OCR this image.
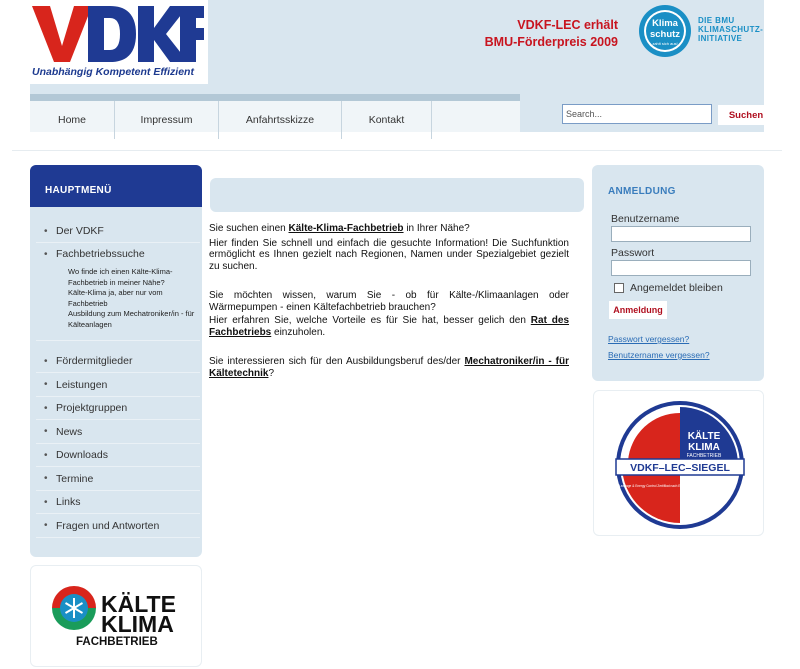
Unabhängig Kompetent Effizient
VDKF-LEC erhält
BMU-Förderpreis 2009
Klima
schutz
zahlt sich aus!
DIE BMU
KLIMASCHUTZ-
INITIATIVE
Home	Impressum	Anfahrtsskizze	Kontakt
Search...	Suchen
HAUPTMENÜ
• Der VDKF
• Fachbetriebssuche
Wo finde ich einen Kälte-Klima-Fachbetrieb in meiner Nähe?
Kälte-Klima ja, aber nur vom Fachbetrieb
Ausbildung zum Mechatroniker/in - für Kälteanlagen
• Fördermitglieder
• Leistungen
• Projektgruppen
• News
• Downloads
• Termine
• Links
• Fragen und Antworten
KÄLTE
KLIMA
FACHBETRIEB

Sie suchen einen Kälte-Klima-Fachbetrieb in Ihrer Nähe?

Hier finden Sie schnell und einfach die gesuchte Information! Die Suchfunktion ermöglicht es Ihnen gezielt nach Regionen, Namen under Spezialgebiet gezielt zu suchen.

Sie möchten wissen, warum Sie - ob für Kälte-/Klimaanlagen oder Wärmepumpen - einen Kältefachbetrieb brauchen?

Hier erfahren Sie, welche Vorteile es für Sie hat, besser gelich den Rat des Fachbetriebs einzuholen.

Sie interessieren sich für den Ausbildungsberuf des/der Mechatroniker/in - für Kältetechnik?

ANMELDUNG
Benutzername
Passwort
Angemeldet bleiben
Anmeldung
Passwort vergessen?
Benutzername vergessen?
KÄLTE
KLIMA
FACHBETRIEB
VDKF–LEC–SIEGEL
Leakage & Energy Control Zertifikat nach Energieeffizienz
